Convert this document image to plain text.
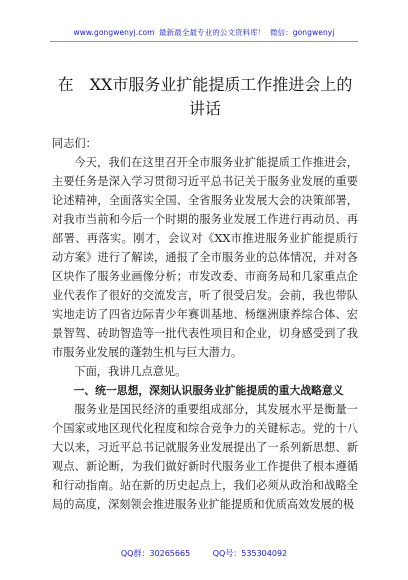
www.gongwenyj.com 最新最全最专业的公文资料库！ 微信：gongwenyj
在　XX市服务业扩能提质工作推进会上的讲话

同志们：

今天，我们在这里召开全市服务业扩能提质工作推进会，主要任务是深入学习贯彻习近平总书记关于服务业发展的重要论述精神，全面落实全国、全省服务业发展大会的决策部署，对我市当前和今后一个时期的服务业发展工作进行再动员、再部署、再落实。刚才，会议对《XX市推进服务业扩能提质行动方案》进行了解读，通报了全市服务业的总体情况，并对各区块作了服务业画像分析；市发改委、市商务局和几家重点企业代表作了很好的交流发言，听了很受启发。会前，我也带队实地走访了四省边际青少年赛训基地、杨继洲康养综合体、宏景智驾、砖助智造等一批代表性项目和企业，切身感受到了我市服务业发展的蓬勃生机与巨大潜力。

下面，我讲几点意见。

一、统一思想，深刻认识服务业扩能提质的重大战略意义

服务业是国民经济的重要组成部分，其发展水平是衡量一个国家或地区现代化程度和综合竞争力的关键标志。党的十八大以来，习近平总书记就服务业发展提出了一系列新思想、新观点、新论断，为我们做好新时代服务业工作提供了根本遵循和行动指南。站在新的历史起点上，我们必须从政治和战略全局的高度，深刻领会推进服务业扩能提质和优质高效发展的极

QQ群：30265665	QQ号：535304092
